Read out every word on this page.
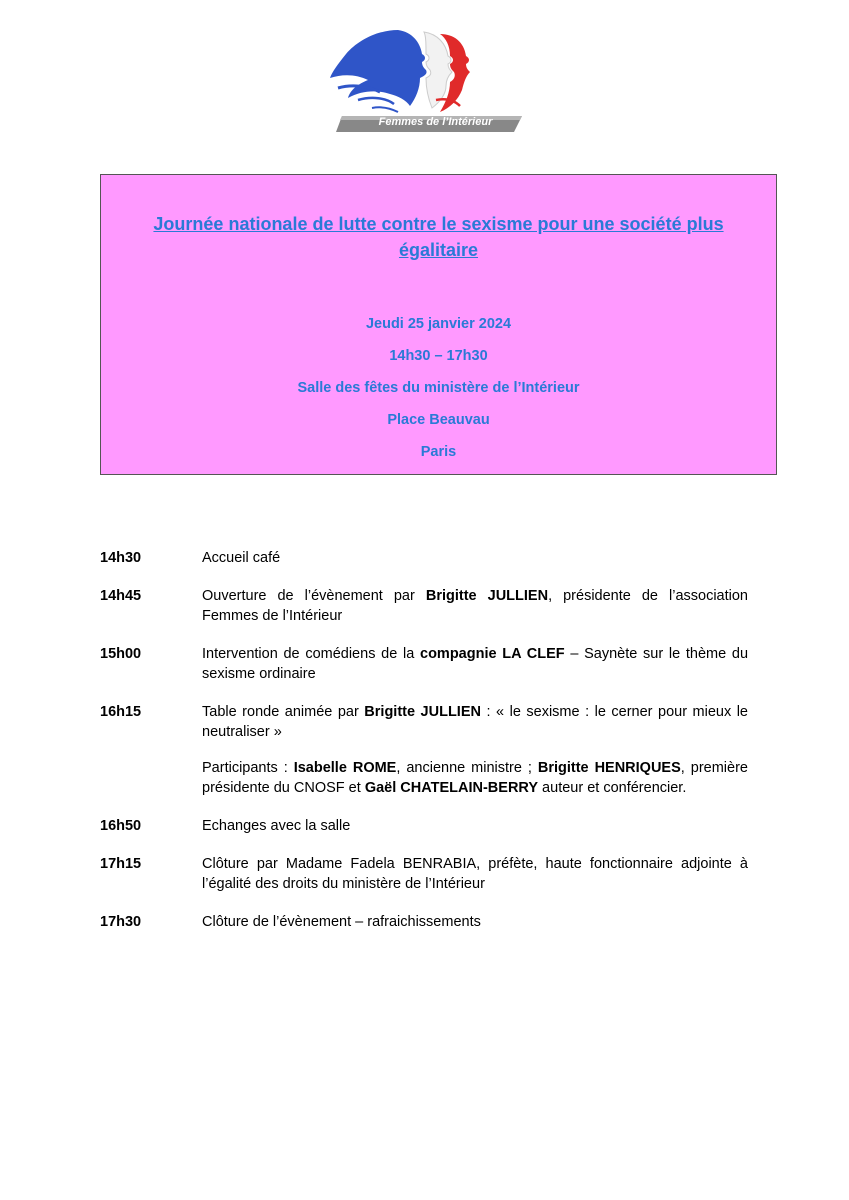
Femmes de l’Intérieur
Journée nationale de lutte contre le sexisme pour une société plus égalitaire
Jeudi 25 janvier 2024
14h30 – 17h30
Salle des fêtes du ministère de l’Intérieur
Place Beauvau
Paris
14h30	Accueil café
14h45	Ouverture de l’évènement par Brigitte JULLIEN, présidente de l’association Femmes de l’Intérieur
15h00	Intervention de comédiens de la compagnie LA CLEF – Saynète sur le thème du sexisme ordinaire
16h15	Table ronde animée par Brigitte JULLIEN : « le sexisme : le cerner pour mieux le neutraliser »
Participants : Isabelle ROME, ancienne ministre ; Brigitte HENRIQUES, première présidente du CNOSF et Gaël CHATELAIN-BERRY auteur et conférencier.
16h50	Echanges avec la salle
17h15	Clôture par Madame Fadela BENRABIA, préfète, haute fonctionnaire adjointe à l’égalité des droits du ministère de l’Intérieur
17h30	Clôture de l’évènement – rafraichissements
